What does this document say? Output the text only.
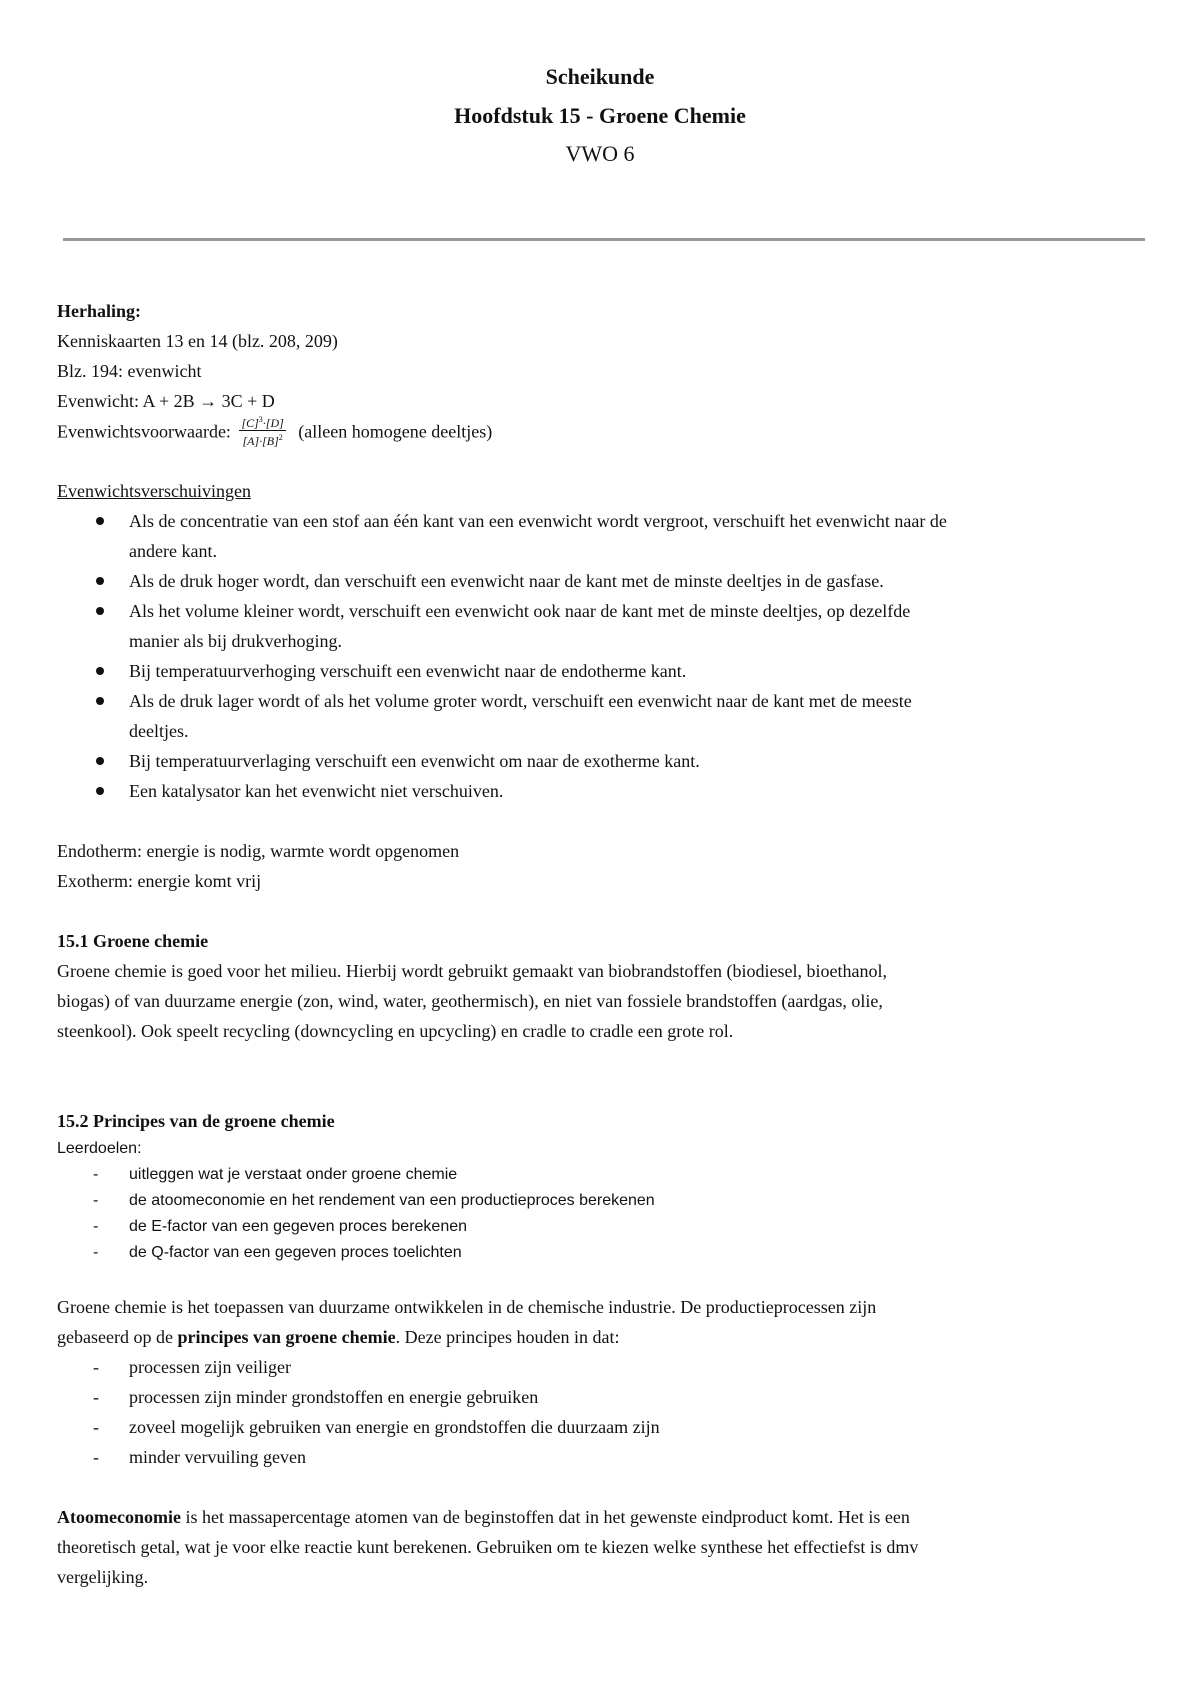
Scheikunde
Hoofdstuk 15 - Groene Chemie
VWO 6
Herhaling:
Kenniskaarten 13 en 14 (blz. 208, 209)
Blz. 194: evenwicht
Evenwicht: A + 2B → 3C + D
Evenwichtsvoorwaarde: $\frac{[C]^3\cdot[D]}{[A]\cdot[B]^2}$ (alleen homogene deeltjes)
Evenwichtsverschuivingen
Als de concentratie van een stof aan één kant van een evenwicht wordt vergroot, verschuift het evenwicht naar de
andere kant.
Als de druk hoger wordt, dan verschuift een evenwicht naar de kant met de minste deeltjes in de gasfase.
Als het volume kleiner wordt, verschuift een evenwicht ook naar de kant met de minste deeltjes, op dezelfde
manier als bij drukverhoging.
Bij temperatuurverhoging verschuift een evenwicht naar de endotherme kant.
Als de druk lager wordt of als het volume groter wordt, verschuift een evenwicht naar de kant met de meeste
deeltjes.
Bij temperatuurverlaging verschuift een evenwicht om naar de exotherme kant.
Een katalysator kan het evenwicht niet verschuiven.
Endotherm: energie is nodig, warmte wordt opgenomen
Exotherm: energie komt vrij
15.1 Groene chemie
Groene chemie is goed voor het milieu. Hierbij wordt gebruikt gemaakt van biobrandstoffen (biodiesel, bioethanol,
biogas) of van duurzame energie (zon, wind, water, geothermisch), en niet van fossiele brandstoffen (aardgas, olie,
steenkool). Ook speelt recycling (downcycling en upcycling) en cradle to cradle een grote rol.
15.2 Principes van de groene chemie
Leerdoelen:
- uitleggen wat je verstaat onder groene chemie
- de atoomeconomie en het rendement van een productieproces berekenen
- de E-factor van een gegeven proces berekenen
- de Q-factor van een gegeven proces toelichten
Groene chemie is het toepassen van duurzame ontwikkelen in de chemische industrie. De productieprocessen zijn
gebaseerd op de principes van groene chemie. Deze principes houden in dat:
- processen zijn veiliger
- processen zijn minder grondstoffen en energie gebruiken
- zoveel mogelijk gebruiken van energie en grondstoffen die duurzaam zijn
- minder vervuiling geven
Atoomeconomie is het massapercentage atomen van de beginstoffen dat in het gewenste eindproduct komt. Het is een
theoretisch getal, wat je voor elke reactie kunt berekenen. Gebruiken om te kiezen welke synthese het effectiefst is dmv
vergelijking.
